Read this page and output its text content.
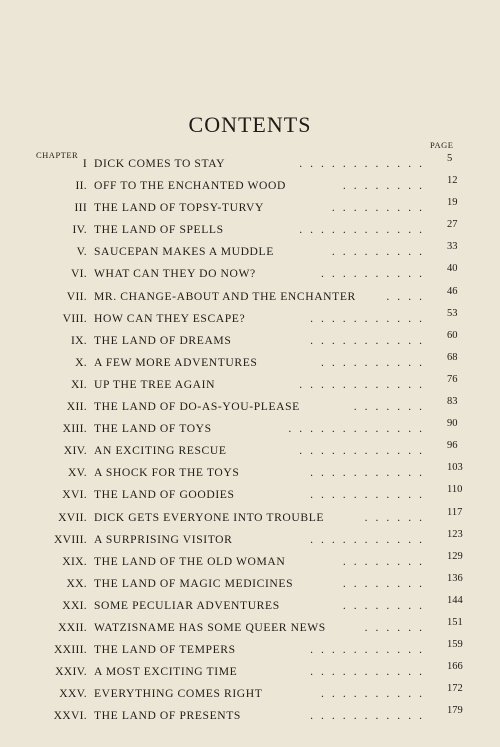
CONTENTS
CHAPTER
PAGE
I DICK COMES TO STAY	............ 5
II. OFF TO THE ENCHANTED WOOD	........ 12
III THE LAND OF TOPSY-TURVY	......... 19
IV. THE LAND OF SPELLS	............ 27
V. SAUCEPAN MAKES A MUDDLE	......... 33
VI. WHAT CAN THEY DO NOW?	.......... 40
VII. MR. CHANGE-ABOUT AND THE ENCHANTER	.... 46
VIII. HOW CAN THEY ESCAPE?	........... 53
IX. THE LAND OF DREAMS	........... 60
X. A FEW MORE ADVENTURES	.......... 68
XI. UP THE TREE AGAIN	............ 76
XII. THE LAND OF DO-AS-YOU-PLEASE	....... 83
XIII. THE LAND OF TOYS	............. 90
XIV. AN EXCITING RESCUE	............ 96
XV. A SHOCK FOR THE TOYS	........... 103
XVI. THE LAND OF GOODIES	........... 110
XVII. DICK GETS EVERYONE INTO TROUBLE	...... 117
XVIII. A SURPRISING VISITOR	........... 123
XIX. THE LAND OF THE OLD WOMAN	........ 129
XX. THE LAND OF MAGIC MEDICINES	........ 136
XXI. SOME PECULIAR ADVENTURES	........ 144
XXII. WATZISNAME HAS SOME QUEER NEWS	...... 151
XXIII. THE LAND OF TEMPERS	........... 159
XXIV. A MOST EXCITING TIME	........... 166
XXV. EVERYTHING COMES RIGHT	.......... 172
XXVI. THE LAND OF PRESENTS	........... 179
